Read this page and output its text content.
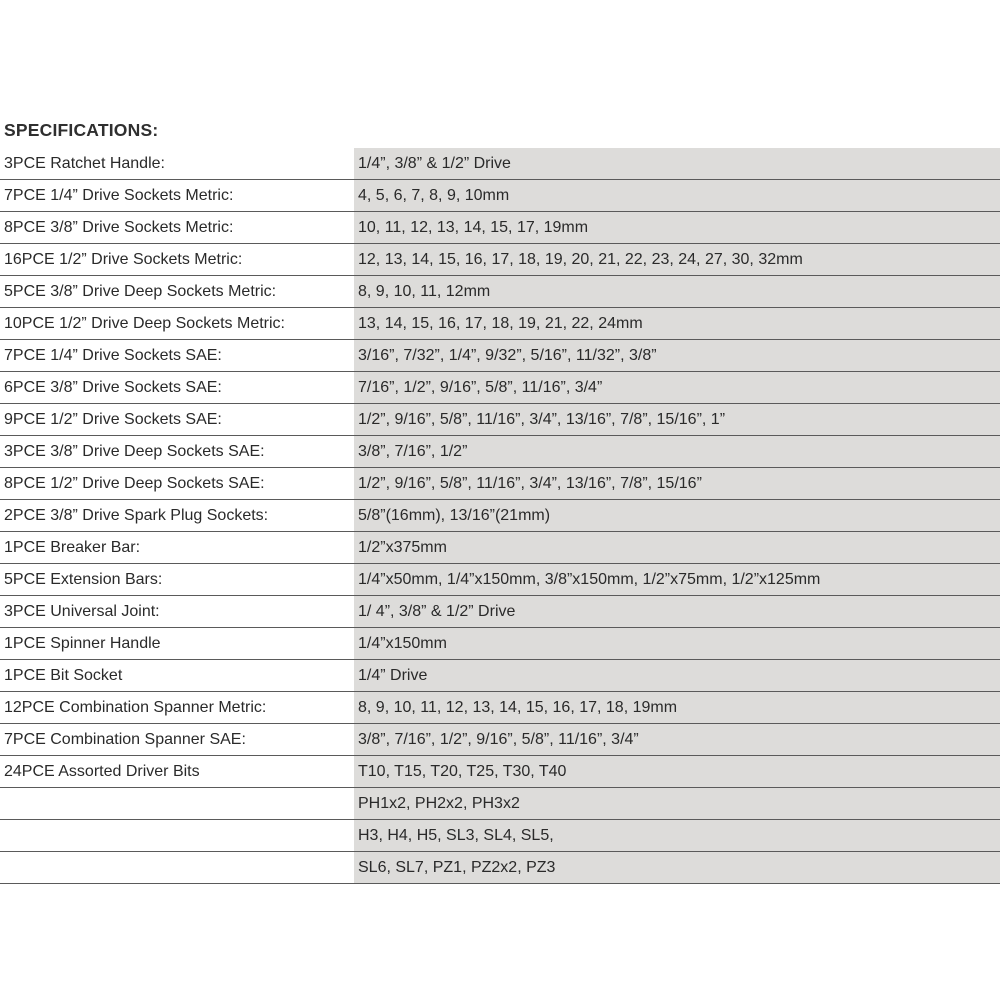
SPECIFICATIONS:
3PCE Ratchet Handle:	1/4”, 3/8” & 1/2” Drive
7PCE 1/4” Drive Sockets Metric:	4, 5, 6, 7, 8, 9, 10mm
8PCE 3/8” Drive Sockets Metric:	10, 11, 12, 13, 14, 15, 17, 19mm
16PCE 1/2” Drive Sockets Metric:	12, 13, 14, 15, 16, 17, 18, 19, 20, 21, 22, 23, 24, 27, 30, 32mm
5PCE 3/8” Drive Deep Sockets Metric:	8, 9, 10, 11, 12mm
10PCE 1/2” Drive Deep Sockets Metric:	13, 14, 15, 16, 17, 18, 19, 21, 22, 24mm
7PCE 1/4” Drive Sockets SAE:	3/16”, 7/32”, 1/4”, 9/32”, 5/16”, 11/32”, 3/8”
6PCE 3/8” Drive Sockets SAE:	7/16”, 1/2”, 9/16”, 5/8”, 11/16”, 3/4”
9PCE 1/2” Drive Sockets SAE:	1/2”, 9/16”, 5/8”, 11/16”, 3/4”, 13/16”, 7/8”, 15/16”, 1”
3PCE 3/8” Drive Deep Sockets SAE:	3/8”, 7/16”, 1/2”
8PCE 1/2” Drive Deep Sockets SAE:	1/2”, 9/16”, 5/8”, 11/16”, 3/4”, 13/16”, 7/8”, 15/16”
2PCE 3/8” Drive Spark Plug Sockets:	5/8”(16mm), 13/16”(21mm)
1PCE Breaker Bar:	1/2”x375mm
5PCE Extension Bars:	1/4”x50mm, 1/4”x150mm, 3/8”x150mm, 1/2”x75mm, 1/2”x125mm
3PCE Universal Joint:	1/ 4”, 3/8” & 1/2” Drive
1PCE Spinner Handle	1/4”x150mm
1PCE Bit Socket	1/4” Drive
12PCE Combination Spanner Metric:	8, 9, 10, 11, 12, 13, 14, 15, 16, 17, 18, 19mm
7PCE Combination Spanner SAE:	3/8”, 7/16”, 1/2”, 9/16”, 5/8”, 11/16”, 3/4”
24PCE Assorted Driver Bits	T10, T15, T20, T25, T30, T40
	PH1x2, PH2x2, PH3x2
	H3, H4, H5, SL3, SL4, SL5,
	SL6, SL7, PZ1, PZ2x2, PZ3
